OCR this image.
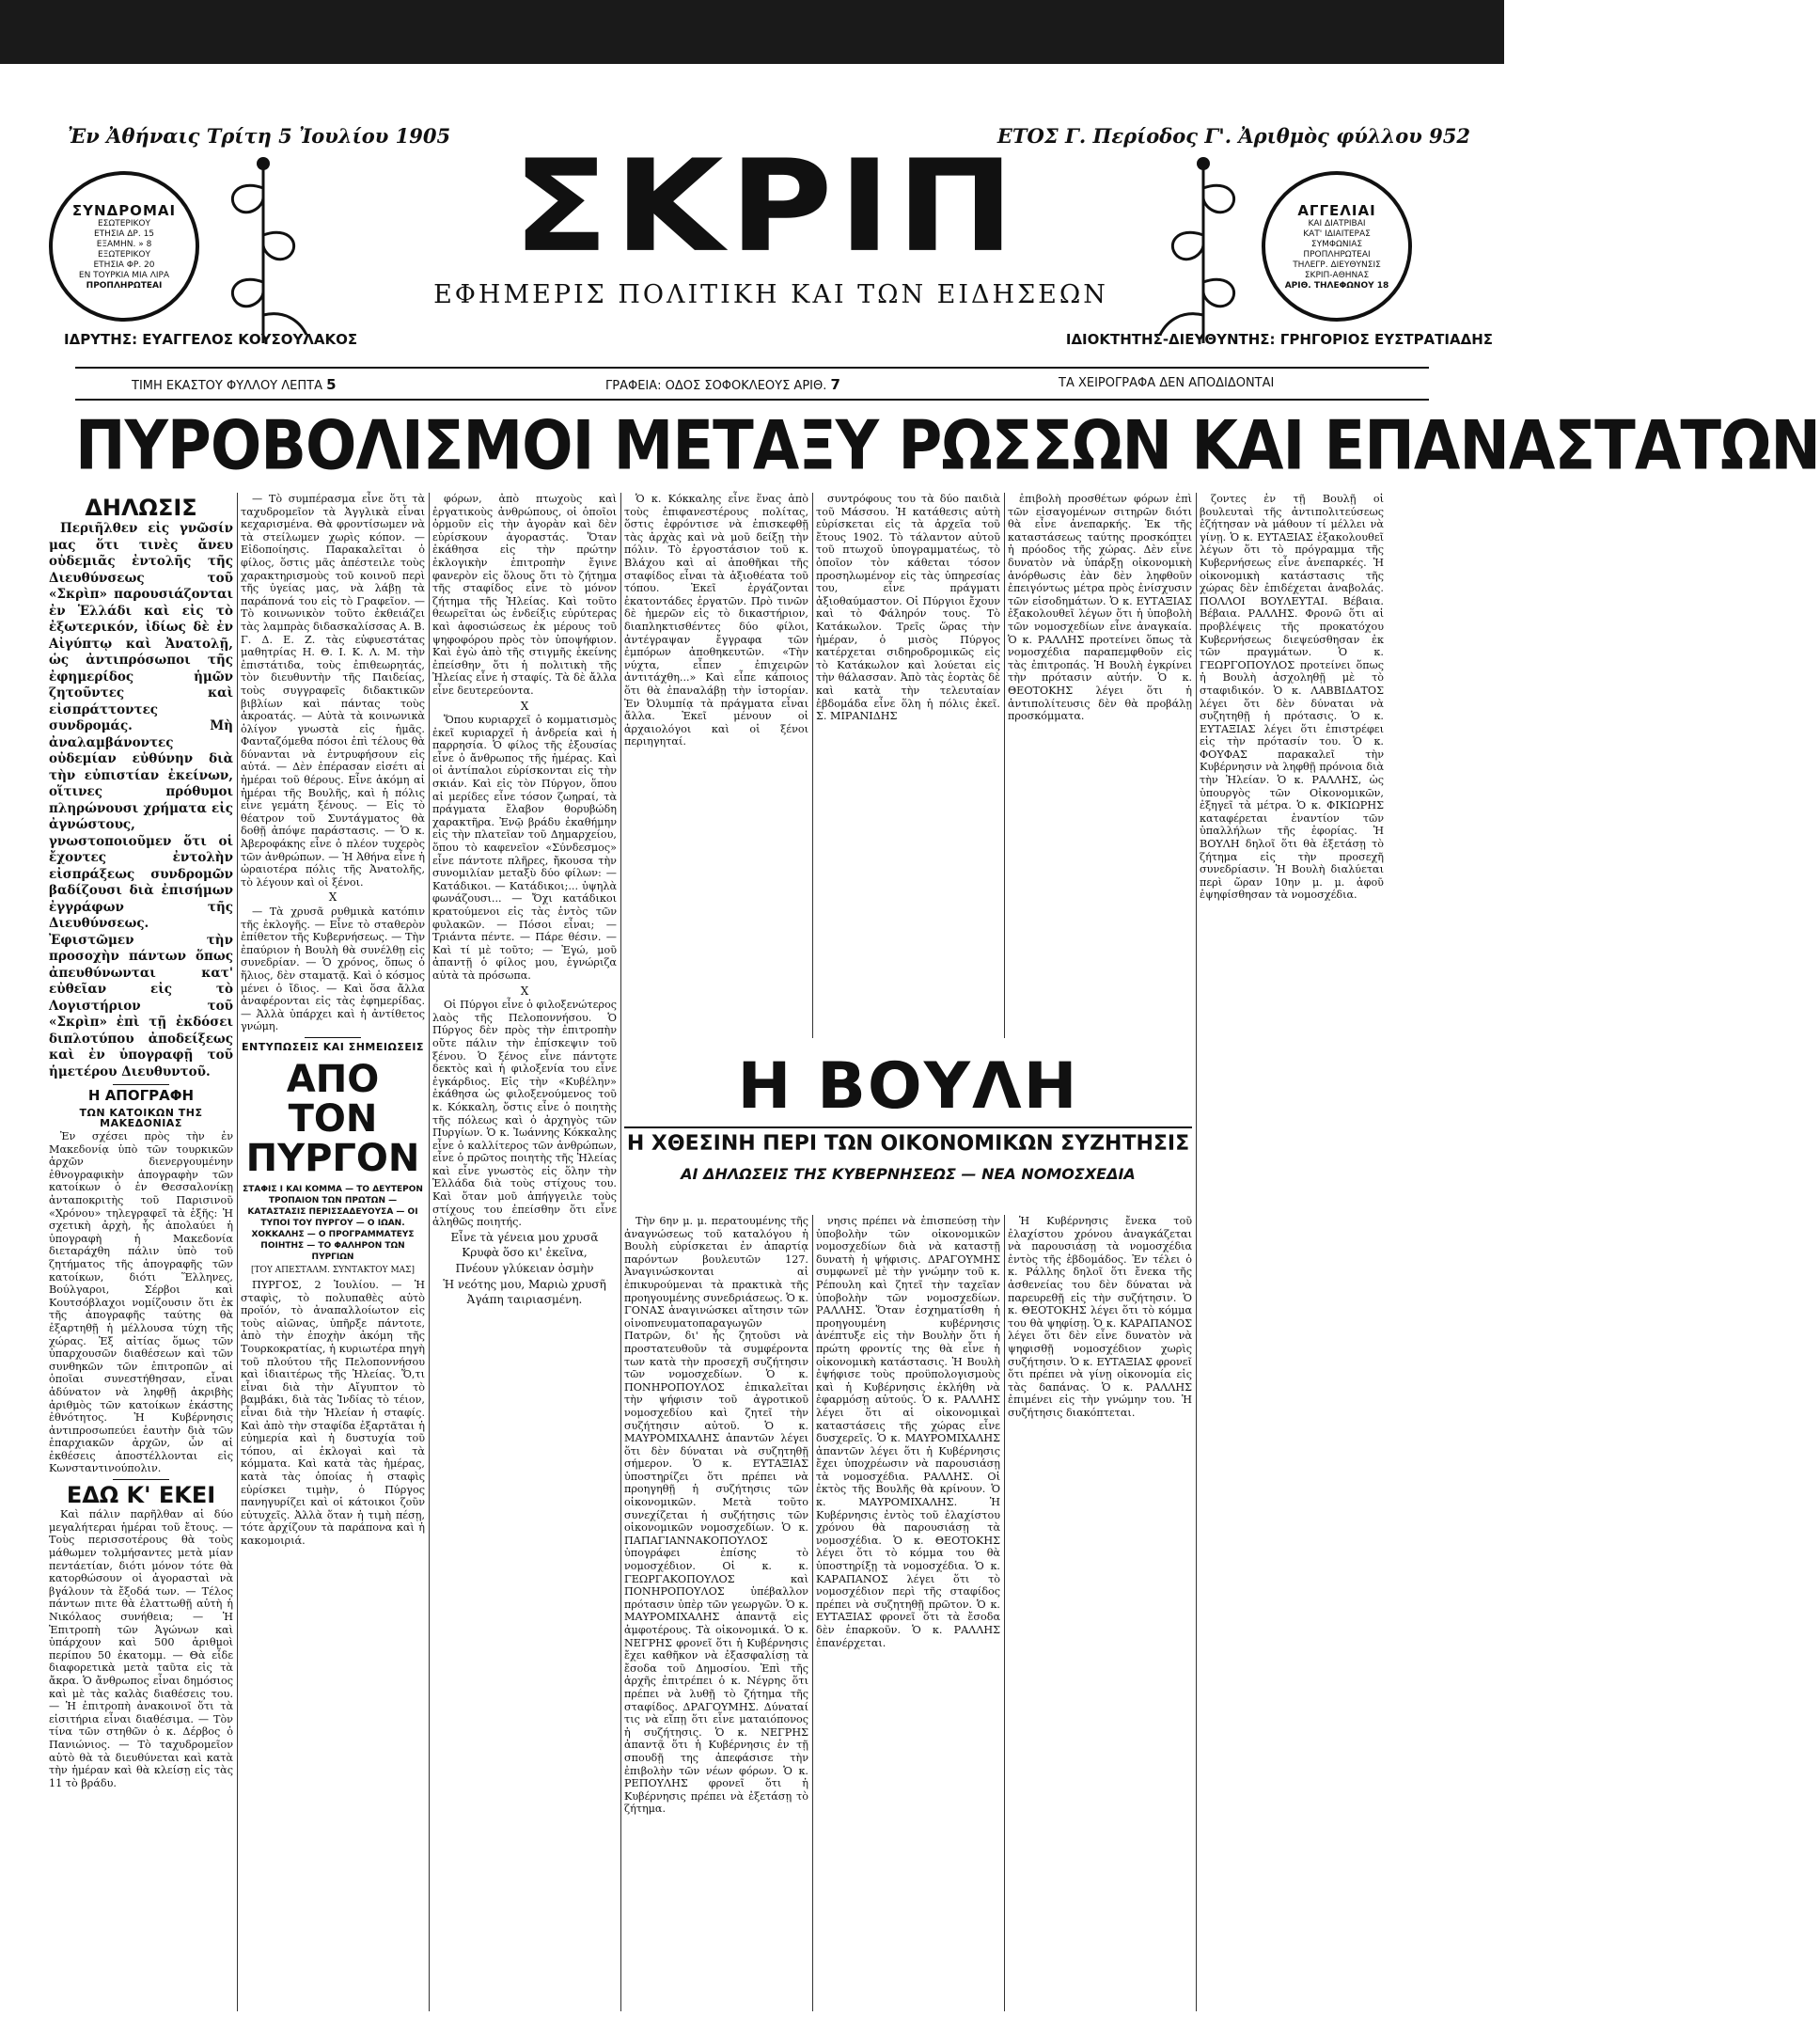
Ἐν Ἀθήναις Τρίτη 5 Ἰουλίου 1905	ΕΤΟΣ Γ. Περίοδος Γ'. Ἀριθμὸς φύλλου 952
ΣΥΝΔΡΟΜΑΙ
ΕΣΩΤΕΡΙΚΟΥ
ΕΤΗΣΙΑ ΔΡ. 15
ΕΞΑΜΗΝ. » 8
ΕΞΩΤΕΡΙΚΟΥ
ΕΤΗΣΙΑ ΦΡ. 20
ΕΝ ΤΟΥΡΚΙΑ ΜΙΑ ΛΙΡΑ
ΠΡΟΠΛΗΡΩΤΕΑΙ
ΣΚΡΙΠ
ΕΦΗΜΕΡΙΣ ΠΟΛΙΤΙΚΗ ΚΑΙ ΤΩΝ ΕΙΔΗΣΕΩΝ
ΑΓΓΕΛΙΑΙ
ΚΑΙ ΔΙΑΤΡΙΒΑΙ
ΚΑΤ' ΙΔΙΑΙΤΕΡΑΣ
ΣΥΜΦΩΝΙΑΣ
ΠΡΟΠΛΗΡΩΤΕΑΙ
ΤΗΛΕΓΡ. ΔΙΕΥΘΥΝΣΙΣ
ΣΚΡΙΠ-ΑΘΗΝΑΣ
ΑΡΙΘ. ΤΗΛΕΦΩΝΟΥ 18
ΙΔΡΥΤΗΣ: ΕΥΑΓΓΕΛΟΣ ΚΟΥΣΟΥΛΑΚΟΣ	ΙΔΙΟΚΤΗΤΗΣ-ΔΙΕΥΘΥΝΤΗΣ: ΓΡΗΓΟΡΙΟΣ ΕΥΣΤΡΑΤΙΑΔΗΣ
ΤΙΜΗ ΕΚΑΣΤΟΥ ΦΥΛΛΟΥ ΛΕΠΤΑ 5	ΓΡΑΦΕΙΑ: ΟΔΟΣ ΣΟΦΟΚΛΕΟΥΣ ΑΡΙΘ. 7	ΤΑ ΧΕΙΡΟΓΡΑΦΑ ΔΕΝ ΑΠΟΔΙΔΟΝΤΑΙ
ΠΥΡΟΒΟΛΙΣΜΟΙ ΜΕΤΑΞΥ ΡΩΣΣΩΝ ΚΑΙ ΕΠΑΝΑΣΤΑΤΩΝ

ΔΗΛΩΣΙΣ

Περιῆλθεν εἰς γνῶσίν μας ὅτι τινὲς ἄνευ οὐδεμιᾶς ἐντολῆς τῆς Διευθύνσεως τοῦ «Σκρὶπ» παρουσιάζονται ἐν Ἑλλάδι καὶ εἰς τὸ ἐξωτερικόν, ἰδίως δὲ ἐν Αἰγύπτῳ καὶ Ἀνατολῇ, ὡς ἀντιπρόσωποι τῆς ἐφημερίδος ἡμῶν ζητοῦντες καὶ εἰσπράττοντες συνδρομάς. Μὴ ἀναλαμβάνοντες οὐδεμίαν εὐθύνην διὰ τὴν εὐπιστίαν ἐκείνων, οἵτινες πρόθυμοι πληρώνουσι χρήματα εἰς ἀγνώστους, γνωστοποιοῦμεν ὅτι οἱ ἔχοντες ἐντολὴν εἰσπράξεως συνδρομῶν βαδίζουσι διὰ ἐπισήμων ἐγγράφων τῆς Διευθύνσεως. Ἐφιστῶμεν τὴν προσοχὴν πάντων ὅπως ἀπευθύνωνται κατ' εὐθεῖαν εἰς τὸ Λογιστήριον τοῦ «Σκρὶπ» ἐπὶ τῇ ἐκδόσει διπλοτύπου ἀποδείξεως καὶ ἐν ὑπογραφῇ τοῦ ἡμετέρου Διευθυντοῦ.

Η ΑΠΟΓΡΑΦΗ

ΤΩΝ ΚΑΤΟΙΚΩΝ ΤΗΣ ΜΑΚΕΔΟΝΙΑΣ

Ἐν σχέσει πρὸς τὴν ἐν Μακεδονίᾳ ὑπὸ τῶν τουρκικῶν ἀρχῶν διενεργουμένην ἐθνογραφικὴν ἀπογραφὴν τῶν κατοίκων ὁ ἐν Θεσσαλονίκῃ ἀνταποκριτὴς τοῦ Παρισινοῦ «Χρόνου» τηλεγραφεῖ τὰ ἑξῆς: Ἡ σχετικὴ ἀρχὴ, ἧς ἀπολαύει ἡ ὑπογραφὴ ἡ Μακεδονία διεταράχθη πάλιν ὑπὸ τοῦ ζητήματος τῆς ἀπογραφῆς τῶν κατοίκων, διότι Ἕλληνες, Βούλγαροι, Σέρβοι καὶ Κουτσόβλαχοι νομίζουσιν ὅτι ἐκ τῆς ἀπογραφῆς ταύτης θὰ ἐξαρτηθῇ ἡ μέλλουσα τύχη τῆς χώρας. Ἐξ αἰτίας ὅμως τῶν ὑπαρχουσῶν διαθέσεων καὶ τῶν συνθηκῶν τῶν ἐπιτροπῶν αἱ ὁποῖαι συνεστήθησαν, εἶναι ἀδύνατον νὰ ληφθῇ ἀκριβὴς ἀριθμὸς τῶν κατοίκων ἑκάστης ἐθνότητος. Ἡ Κυβέρνησις ἀντιπροσωπεύει ἑαυτὴν διὰ τῶν ἐπαρχιακῶν ἀρχῶν, ὧν αἱ ἐκθέσεις ἀποστέλλονται εἰς Κωνσταντινούπολιν.

ΕΔΩ Κ' ΕΚΕΙ

Καὶ πάλιν παρῆλθαν αἱ δύο μεγαλήτεραι ἡμέραι τοῦ ἔτους. — Τοὺς περισσοτέρους θὰ τοὺς μάθωμεν τολμήσαντες μετὰ μίαν πεντάετίαν, διότι μόνον τότε θὰ κατορθώσουν οἱ ἀγορασταὶ νὰ βγάλουν τὰ ἔξοδά των. — Τέλος πάντων πιτε θὰ ἐλαττωθῇ αὐτὴ ἡ Νικόλαος συνήθεια; — Ἡ Ἐπιτροπὴ τῶν Ἀγώνων καὶ ὑπάρχουν καὶ 500 ἀριθμοὶ περίπου 50 ἐκατομμ. — Θὰ εἶδε διαφορετικὰ μετὰ ταῦτα εἰς τὰ ἄκρα. Ὁ ἄνθρωπος εἶναι δημόσιος καὶ μὲ τὰς καλὰς διαθέσεις του. — Ἡ ἐπιτροπὴ ἀνακοινοῖ ὅτι τὰ εἰσιτήρια εἶναι διαθέσιμα. — Τὸν τίνα τῶν στηθῶν ὁ κ. Δέρβος ὁ Πανιώνιος. — Τὸ ταχυδρομεῖον αὐτὸ θὰ τὰ διευθύνεται καὶ κατὰ τὴν ἡμέραν καὶ θὰ κλείσῃ εἰς τὰς 11 τὸ βράδυ.

— Τὸ συμπέρασμα εἶνε ὅτι τὰ ταχυδρομεῖον τὰ Ἀγγλικὰ εἶναι κεχαρισμένα. Θὰ φροντίσωμεν νὰ τὰ στείλωμεν χωρὶς κόπον. — Εἰδοποίησις. Παρακαλεῖται ὁ φίλος, ὅστις μᾶς ἀπέστειλε τοὺς χαρακτηρισμοὺς τοῦ κοινοῦ περὶ τῆς ὑγείας μας, νὰ λάβῃ τὰ παράπονά του εἰς τὸ Γραφεῖον. — Τὸ κοινωνικὸν τοῦτο ἐκθειάζει τὰς λαμπρὰς διδασκαλίσσας Α. Β. Γ. Δ. Ε. Ζ. τὰς εὐφυεστάτας μαθητρίας Η. Θ. Ι. Κ. Λ. Μ. τὴν ἐπιστάτιδα, τοὺς ἐπιθεωρητάς, τὸν διευθυντὴν τῆς Παιδείας, τοὺς συγγραφεῖς διδακτικῶν βιβλίων καὶ πάντας τοὺς ἀκροατάς. — Αὐτὰ τὰ κοινωνικὰ ὁλίγον γνωστὰ εἰς ἡμᾶς. Φανταζόμεθα πόσοι ἐπὶ τέλους θὰ δύνανται νὰ ἐντρυφήσουν εἰς αὐτά. — Δὲν ἐπέρασαν εἰσέτι αἱ ἡμέραι τοῦ θέρους. Εἶνε ἀκόμη αἱ ἡμέραι τῆς Βουλῆς, καὶ ἡ πόλις εἶνε γεμάτη ξένους. — Εἰς τὸ θέατρον τοῦ Συντάγματος θὰ δοθῇ ἀπόψε παράστασις. — Ὁ κ. Ἀβεροφάκης εἶνε ὁ πλέον τυχερὸς τῶν ἀνθρώπων. — Ἡ Ἀθήνα εἶνε ἡ ὡραιοτέρα πόλις τῆς Ἀνατολῆς, τὸ λέγουν καὶ οἱ ξένοι.

X

— Τὰ χρυσᾶ ρυθμικὰ κατόπιν τῆς ἐκλογῆς. — Εἶνε τὸ σταθερὸν ἐπίθετον τῆς Κυβερνήσεως. — Τὴν ἐπαύριον ἡ Βουλὴ θὰ συνέλθῃ εἰς συνεδρίαν. — Ὁ χρόνος, ὅπως ὁ ἥλιος, δὲν σταματᾷ. Καὶ ὁ κόσμος μένει ὁ ἴδιος. — Καὶ ὅσα ἄλλα ἀναφέρονται εἰς τὰς ἐφημερίδας. — Ἀλλὰ ὑπάρχει καὶ ἡ ἀντίθετος γνώμη.

ΕΝΤΥΠΩΣΕΙΣ ΚΑΙ ΣΗΜΕΙΩΣΕΙΣ

ΑΠΟ ΤΟΝ ΠΥΡΓΟΝ

ΣΤΑΦΙΣ Ι ΚΑΙ ΚΟΜΜΑ — ΤΟ ΔΕΥΤΕΡΟΝ ΤΡΟΠΑΙΟΝ ΤΩΝ ΠΡΩΤΩΝ — ΚΑΤΑΣΤΑΣΙΣ ΠΕΡΙΣΣΑΔΕΥΟΥΣΑ — ΟΙ ΤΥΠΟΙ ΤΟΥ ΠΥΡΓΟΥ — Ο ΙΩΑΝ. ΧΟΚΚΑΛΗΣ — Ο ΠΡΟΓΡΑΜΜΑΤΕΥΣ ΠΟΙΗΤΗΣ — ΤΟ ΦΑΛΗΡΟΝ ΤΩΝ ΠΥΡΓΙΩΝ

[ΤΟΥ ΑΠΕΣΤΑΛΜ. ΣΥΝΤΑΚΤΟΥ ΜΑΣ]

ΠΥΡΓΟΣ, 2 Ἰουλίου. — Ἡ σταφὶς, τὸ πολυπαθὲς αὐτὸ προϊόν, τὸ ἀναπαλλοίωτον εἰς τοὺς αἰῶνας, ὑπῆρξε πάντοτε, ἀπὸ τὴν ἐποχὴν ἀκόμη τῆς Τουρκοκρατίας, ἡ κυριωτέρα πηγὴ τοῦ πλούτου τῆς Πελοποννήσου καὶ ἰδιαιτέρως τῆς Ἠλείας. Ὅ,τι εἶναι διὰ τὴν Αἴγυπτον τὸ βαμβάκι, διὰ τὰς Ἰνδίας τὸ τέιον, εἶναι διὰ τὴν Ἠλείαν ἡ σταφίς. Καὶ ἀπὸ τὴν σταφίδα ἐξαρτᾶται ἡ εὐημερία καὶ ἡ δυστυχία τοῦ τόπου, αἱ ἐκλογαὶ καὶ τὰ κόμματα. Καὶ κατὰ τὰς ἡμέρας, κατὰ τὰς ὁποίας ἡ σταφὶς εὐρίσκει τιμὴν, ὁ Πύργος πανηγυρίζει καὶ οἱ κάτοικοι ζοῦν εὐτυχεῖς. Ἀλλὰ ὅταν ἡ τιμὴ πέσῃ, τότε ἀρχίζουν τὰ παράπονα καὶ ἡ κακομοιριά.

φόρων, ἀπὸ πτωχοὺς καὶ ἐργατικοὺς ἀνθρώπους, οἱ ὁποῖοι ὁρμοῦν εἰς τὴν ἀγορὰν καὶ δὲν εὑρίσκουν ἀγοραστάς. Ὅταν ἐκάθησα εἰς τὴν πρώτην ἐκλογικὴν ἐπιτροπὴν ἔγινε φανερὸν εἰς ὅλους ὅτι τὸ ζήτημα τῆς σταφίδος εἶνε τὸ μόνον ζήτημα τῆς Ἠλείας. Καὶ τοῦτο θεωρεῖται ὡς ἐνδείξις εὐρύτερας καὶ ἀφοσιώσεως ἐκ μέρους τοῦ ψηφοφόρου πρὸς τὸν ὑποψήφιον. Καὶ ἐγὼ ἀπὸ τῆς στιγμῆς ἐκείνης ἐπείσθην ὅτι ἡ πολιτικὴ τῆς Ἠλείας εἶνε ἡ σταφίς. Τὰ δὲ ἄλλα εἶνε δευτερεύοντα.

X

Ὅπου κυριαρχεῖ ὁ κομματισμὸς ἐκεῖ κυριαρχεῖ ἡ ἀνδρεία καὶ ἡ παρρησία. Ὁ φίλος τῆς ἐξουσίας εἶνε ὁ ἄνθρωπος τῆς ἡμέρας. Καὶ οἱ ἀντίπαλοι εὑρίσκονται εἰς τὴν σκιάν. Καὶ εἰς τὸν Πύργον, ὅπου αἱ μερίδες εἶνε τόσον ζωηραί, τὰ πράγματα ἔλαβον θορυβώδη χαρακτῆρα. Ἐνῷ βράδυ ἐκαθήμην εἰς τὴν πλατεῖαν τοῦ Δημαρχείου, ὅπου τὸ καφενεῖον «Σύνδεσμος» εἶνε πάντοτε πλῆρες, ἤκουσα τὴν συνομιλίαν μεταξὺ δύο φίλων: — Κατάδικοι. — Κατάδικοι;... ὑψηλὰ φωνάζουσι... — Ὄχι κατάδικοι κρατούμενοι εἰς τὰς ἐντὸς τῶν φυλακῶν. — Πόσοι εἶναι; — Τριάντα πέντε. — Πάρε θέσιν. — Καὶ τί μὲ τοῦτο; — Ἐγώ, μοῦ ἀπαντῇ ὁ φίλος μου, ἐγνώριζα αὐτὰ τὰ πρόσωπα.

X

Οἱ Πύργοι εἶνε ὁ φιλοξενώτερος λαὸς τῆς Πελοποννήσου. Ὁ Πύργος δὲν πρὸς τὴν ἐπιτροπὴν οὔτε πάλιν τὴν ἐπίσκεψιν τοῦ ξένου. Ὁ ξένος εἶνε πάντοτε δεκτὸς καὶ ἡ φιλοξενία του εἶνε ἐγκάρδιος. Εἰς τὴν «Κυβέλην» ἐκάθησα ὡς φιλοξενούμενος τοῦ κ. Κόκκαλη, ὅστις εἶνε ὁ ποιητὴς τῆς πόλεως καὶ ὁ ἀρχηγὸς τῶν Πυργίων. Ὁ κ. Ἰωάννης Κόκκαλης εἶνε ὁ καλλίτερος τῶν ἀνθρώπων, εἶνε ὁ πρῶτος ποιητὴς τῆς Ἠλείας καὶ εἶνε γνωστὸς εἰς ὅλην τὴν Ἑλλάδα διὰ τοὺς στίχους του. Καὶ ὅταν μοῦ ἀπήγγειλε τοὺς στίχους του ἐπείσθην ὅτι εἶνε ἀληθῶς ποιητής.

Εἶνε τὰ γένεια μου χρυσᾶ

Κρυφὰ ὅσο κι' ἐκεῖνα,

Πνέουν γλύκειαν ὀσμὴν

Ἡ νεότης μου, Μαριὼ χρυσῆ

Ἀγάπη ταιριασμένη.

Ὁ κ. Κόκκαλης εἶνε ἕνας ἀπὸ τοὺς ἐπιφανεστέρους πολίτας, ὅστις ἐφρόντισε νὰ ἐπισκεφθῇ τὰς ἀρχὰς καὶ νὰ μοῦ δείξῃ τὴν πόλιν. Τὸ ἐργοστάσιον τοῦ κ. Βλάχου καὶ αἱ ἀποθῆκαι τῆς σταφίδος εἶναι τὰ ἀξιοθέατα τοῦ τόπου. Ἐκεῖ ἐργάζονται ἑκατοντάδες ἐργατῶν. Πρὸ τινῶν δὲ ἡμερῶν εἰς τὸ δικαστήριον, διαπληκτισθέντες δύο φίλοι, ἀντέγραψαν ἔγγραφα τῶν ἐμπόρων ἀποθηκευτῶν. «Τὴν νύχτα, εἶπεν ἐπιχειρῶν ἀντιτάχθη...» Καὶ εἶπε κάποιος ὅτι θὰ ἐπαναλάβῃ τὴν ἱστορίαν. Ἐν Ὀλυμπίᾳ τὰ πράγματα εἶναι ἄλλα. Ἐκεῖ μένουν οἱ ἀρχαιολόγοι καὶ οἱ ξένοι περιηγηταί.

συντρόφους του τὰ δύο παιδιὰ τοῦ Μάσσου. Ἡ κατάθεσις αὐτὴ εὑρίσκεται εἰς τὰ ἀρχεῖα τοῦ ἔτους 1902. Τὸ τάλαντον αὐτοῦ τοῦ πτωχοῦ ὑπογραμματέως, τὸ ὁποῖον τὸν κάθεται τόσον προσηλωμένον εἰς τὰς ὑπηρεσίας του, εἶνε πράγματι ἀξιοθαύμαστον. Οἱ Πύργιοι ἔχουν καὶ τὸ Φάληρόν τους. Τὸ Κατάκωλον. Τρεῖς ὥρας τὴν ἡμέραν, ὁ μισὸς Πύργος κατέρχεται σιδηροδρομικῶς εἰς τὸ Κατάκωλον καὶ λούεται εἰς τὴν θάλασσαν. Ἀπὸ τὰς ἑορτὰς δὲ καὶ κατὰ τὴν τελευταίαν ἑβδομάδα εἶνε ὅλη ἡ πόλις ἐκεῖ. Σ. ΜΙΡΑΝΙΔΗΣ

ἐπιβολὴ προσθέτων φόρων ἐπὶ τῶν εἰσαγομένων σιτηρῶν διότι θὰ εἶνε ἀνεπαρκής. Ἐκ τῆς καταστάσεως ταύτης προσκόπτει ἡ πρόοδος τῆς χώρας. Δὲν εἶνε δυνατὸν νὰ ὑπάρξῃ οἰκονομικὴ ἀνόρθωσις ἐὰν δὲν ληφθοῦν ἐπειγόντως μέτρα πρὸς ἐνίσχυσιν τῶν εἰσοδημάτων. Ὁ κ. ΕΥΤΑΞΙΑΣ ἐξακολουθεῖ λέγων ὅτι ἡ ὑποβολὴ τῶν νομοσχεδίων εἶνε ἀναγκαία. Ὁ κ. ΡΑΛΛΗΣ προτείνει ὅπως τὰ νομοσχέδια παραπεμφθοῦν εἰς τὰς ἐπιτροπάς. Ἡ Βουλὴ ἐγκρίνει τὴν πρότασιν αὐτήν. Ὁ κ. ΘΕΟΤΟΚΗΣ λέγει ὅτι ἡ ἀντιπολίτευσις δὲν θὰ προβάλῃ προσκόμματα.

Η ΒΟΥΛΗ
Η ΧΘΕΣΙΝΗ ΠΕΡΙ ΤΩΝ ΟΙΚΟΝΟΜΙΚΩΝ ΣΥΖΗΤΗΣΙΣ
ΑΙ ΔΗΛΩΣΕΙΣ ΤΗΣ ΚΥΒΕΡΝΗΣΕΩΣ — ΝΕΑ ΝΟΜΟΣΧΕΔΙΑ

Τὴν 6ην μ. μ. περατουμένης τῆς ἀναγνώσεως τοῦ καταλόγου ἡ Βουλὴ εὑρίσκεται ἐν ἀπαρτίᾳ παρόντων βουλευτῶν 127. Ἀναγινώσκονται αἱ ἐπικυρούμεναι τὰ πρακτικὰ τῆς προηγουμένης συνεδριάσεως. Ὁ κ. ΓΟΝΑΣ ἀναγινώσκει αἴτησιν τῶν οἰνοπνευματοπαραγωγῶν Πατρῶν, δι' ἧς ζητοῦσι νὰ προστατευθοῦν τὰ συμφέροντα των κατὰ τὴν προσεχῆ συζήτησιν τῶν νομοσχεδίων. Ὁ κ. ΠΟΝΗΡΟΠΟΥΛΟΣ ἐπικαλεῖται τὴν ψήφισιν τοῦ ἀγροτικοῦ νομοσχεδίου καὶ ζητεῖ τὴν συζήτησιν αὐτοῦ. Ὁ κ. ΜΑΥΡΟΜΙΧΑΛΗΣ ἀπαντῶν λέγει ὅτι δὲν δύναται νὰ συζητηθῇ σήμερον. Ὁ κ. ΕΥΤΑΞΙΑΣ ὑποστηρίζει ὅτι πρέπει νὰ προηγηθῇ ἡ συζήτησις τῶν οἰκονομικῶν. Μετὰ τοῦτο συνεχίζεται ἡ συζήτησις τῶν οἰκονομικῶν νομοσχεδίων. Ὁ κ. ΠΑΠΑΓΙΑΝΝΑΚΟΠΟΥΛΟΣ ὑπογράφει ἐπίσης τὸ νομοσχέδιον. Οἱ κ. κ. ΓΕΩΡΓΑΚΟΠΟΥΛΟΣ καὶ ΠΟΝΗΡΟΠΟΥΛΟΣ ὑπέβαλλον πρότασιν ὑπὲρ τῶν γεωργῶν. Ὁ κ. ΜΑΥΡΟΜΙΧΑΛΗΣ ἀπαντᾷ εἰς ἀμφοτέρους. Τὰ οἰκονομικά. Ὁ κ. ΝΕΓΡΗΣ φρονεῖ ὅτι ἡ Κυβέρνησις ἔχει καθῆκον νὰ ἐξασφαλίσῃ τὰ ἔσοδα τοῦ Δημοσίου. Ἐπὶ τῆς ἀρχῆς ἐπιτρέπει ὁ κ. Νέγρης ὅτι πρέπει νὰ λυθῇ τὸ ζήτημα τῆς σταφίδος. ΔΡΑΓΟΥΜΗΣ. Δύναταί τις νὰ εἴπῃ ὅτι εἶνε ματαιόπονος ἡ συζήτησις. Ὁ κ. ΝΕΓΡΗΣ ἀπαντᾷ ὅτι ἡ Κυβέρνησις ἐν τῇ σπουδῇ της ἀπεφάσισε τὴν ἐπιβολὴν τῶν νέων φόρων. Ὁ κ. ΡΕΠΟΥΛΗΣ φρονεῖ ὅτι ἡ Κυβέρνησις πρέπει νὰ ἐξετάσῃ τὸ ζήτημα.

νησις πρέπει νὰ ἐπισπεύσῃ τὴν ὑποβολὴν τῶν οἰκονομικῶν νομοσχεδίων διὰ νὰ καταστῇ δυνατὴ ἡ ψήφισις. ΔΡΑΓΟΥΜΗΣ συμφωνεῖ μὲ τὴν γνώμην τοῦ κ. Ρέπουλη καὶ ζητεῖ τὴν ταχεῖαν ὑποβολὴν τῶν νομοσχεδίων. ΡΑΛΛΗΣ. Ὅταν ἐσχηματίσθη ἡ προηγουμένη κυβέρνησις ἀνέπτυξε εἰς τὴν Βουλὴν ὅτι ἡ πρώτη φροντίς της θὰ εἶνε ἡ οἰκονομικὴ κατάστασις. Ἡ Βουλὴ ἐψήφισε τοὺς προϋπολογισμοὺς καὶ ἡ Κυβέρνησις ἐκλήθη νὰ ἐφαρμόσῃ αὐτούς. Ὁ κ. ΡΑΛΛΗΣ λέγει ὅτι αἱ οἰκονομικαὶ καταστάσεις τῆς χώρας εἶνε δυσχερεῖς. Ὁ κ. ΜΑΥΡΟΜΙΧΑΛΗΣ ἀπαντῶν λέγει ὅτι ἡ Κυβέρνησις ἔχει ὑποχρέωσιν νὰ παρουσιάσῃ τὰ νομοσχέδια. ΡΑΛΛΗΣ. Οἱ ἐκτὸς τῆς Βουλῆς θὰ κρίνουν. Ὁ κ. ΜΑΥΡΟΜΙΧΑΛΗΣ. Ἡ Κυβέρνησις ἐντὸς τοῦ ἐλαχίστου χρόνου θὰ παρουσιάσῃ τὰ νομοσχέδια. Ὁ κ. ΘΕΟΤΟΚΗΣ λέγει ὅτι τὸ κόμμα του θὰ ὑποστηρίξῃ τὰ νομοσχέδια. Ὁ κ. ΚΑΡΑΠΑΝΟΣ λέγει ὅτι τὸ νομοσχέδιον περὶ τῆς σταφίδος πρέπει νὰ συζητηθῇ πρῶτον. Ὁ κ. ΕΥΤΑΞΙΑΣ φρονεῖ ὅτι τὰ ἔσοδα δὲν ἐπαρκοῦν. Ὁ κ. ΡΑΛΛΗΣ ἐπανέρχεται.

Ἡ Κυβέρνησις ἔνεκα τοῦ ἐλαχίστου χρόνου ἀναγκάζεται νὰ παρουσιάσῃ τὰ νομοσχέδια ἐντὸς τῆς ἑβδομάδος. Ἐν τέλει ὁ κ. Ράλλης δηλοῖ ὅτι ἔνεκα τῆς ἀσθενείας του δὲν δύναται νὰ παρευρεθῇ εἰς τὴν συζήτησιν. Ὁ κ. ΘΕΟΤΟΚΗΣ λέγει ὅτι τὸ κόμμα του θὰ ψηφίσῃ. Ὁ κ. ΚΑΡΑΠΑΝΟΣ λέγει ὅτι δὲν εἶνε δυνατὸν νὰ ψηφισθῇ νομοσχέδιον χωρὶς συζήτησιν. Ὁ κ. ΕΥΤΑΞΙΑΣ φρονεῖ ὅτι πρέπει νὰ γίνῃ οἰκονομία εἰς τὰς δαπάνας. Ὁ κ. ΡΑΛΛΗΣ ἐπιμένει εἰς τὴν γνώμην του. Ἡ συζήτησις διακόπτεται.

ζοντες ἐν τῇ Βουλῇ οἱ βουλευταὶ τῆς ἀντιπολιτεύσεως ἐζήτησαν νὰ μάθουν τί μέλλει νὰ γίνῃ. Ὁ κ. ΕΥΤΑΞΙΑΣ ἐξακολουθεῖ λέγων ὅτι τὸ πρόγραμμα τῆς Κυβερνήσεως εἶνε ἀνεπαρκές. Ἡ οἰκονομικὴ κατάστασις τῆς χώρας δὲν ἐπιδέχεται ἀναβολάς. ΠΟΛΛΟΙ ΒΟΥΛΕΥΤΑΙ. Βέβαια. Βέβαια. ΡΑΛΛΗΣ. Φρονῶ ὅτι αἱ προβλέψεις τῆς προκατόχου Κυβερνήσεως διεψεύσθησαν ἐκ τῶν πραγμάτων. Ὁ κ. ΓΕΩΡΓΟΠΟΥΛΟΣ προτείνει ὅπως ἡ Βουλὴ ἀσχοληθῇ μὲ τὸ σταφιδικόν. Ὁ κ. ΛΑΒΒΙΔΑΤΟΣ λέγει ὅτι δὲν δύναται νὰ συζητηθῇ ἡ πρότασις. Ὁ κ. ΕΥΤΑΞΙΑΣ λέγει ὅτι ἐπιστρέφει εἰς τὴν πρότασίν του. Ὁ κ. ΦΟΥΦΑΣ παρακαλεῖ τὴν Κυβέρνησιν νὰ ληφθῇ πρόνοια διὰ τὴν Ἠλείαν. Ὁ κ. ΡΑΛΛΗΣ, ὡς ὑπουργὸς τῶν Οἰκονομικῶν, ἐξηγεῖ τὰ μέτρα. Ὁ κ. ΦΙΚΙΩΡΗΣ καταφέρεται ἐναντίον τῶν ὑπαλλήλων τῆς ἐφορίας. Ἡ ΒΟΥΛΗ δηλοῖ ὅτι θὰ ἐξετάσῃ τὸ ζήτημα εἰς τὴν προσεχῆ συνεδρίασιν. Ἡ Βουλὴ διαλύεται περὶ ὥραν 10ην μ. μ. ἀφοῦ ἐψηφίσθησαν τὰ νομοσχέδια.
